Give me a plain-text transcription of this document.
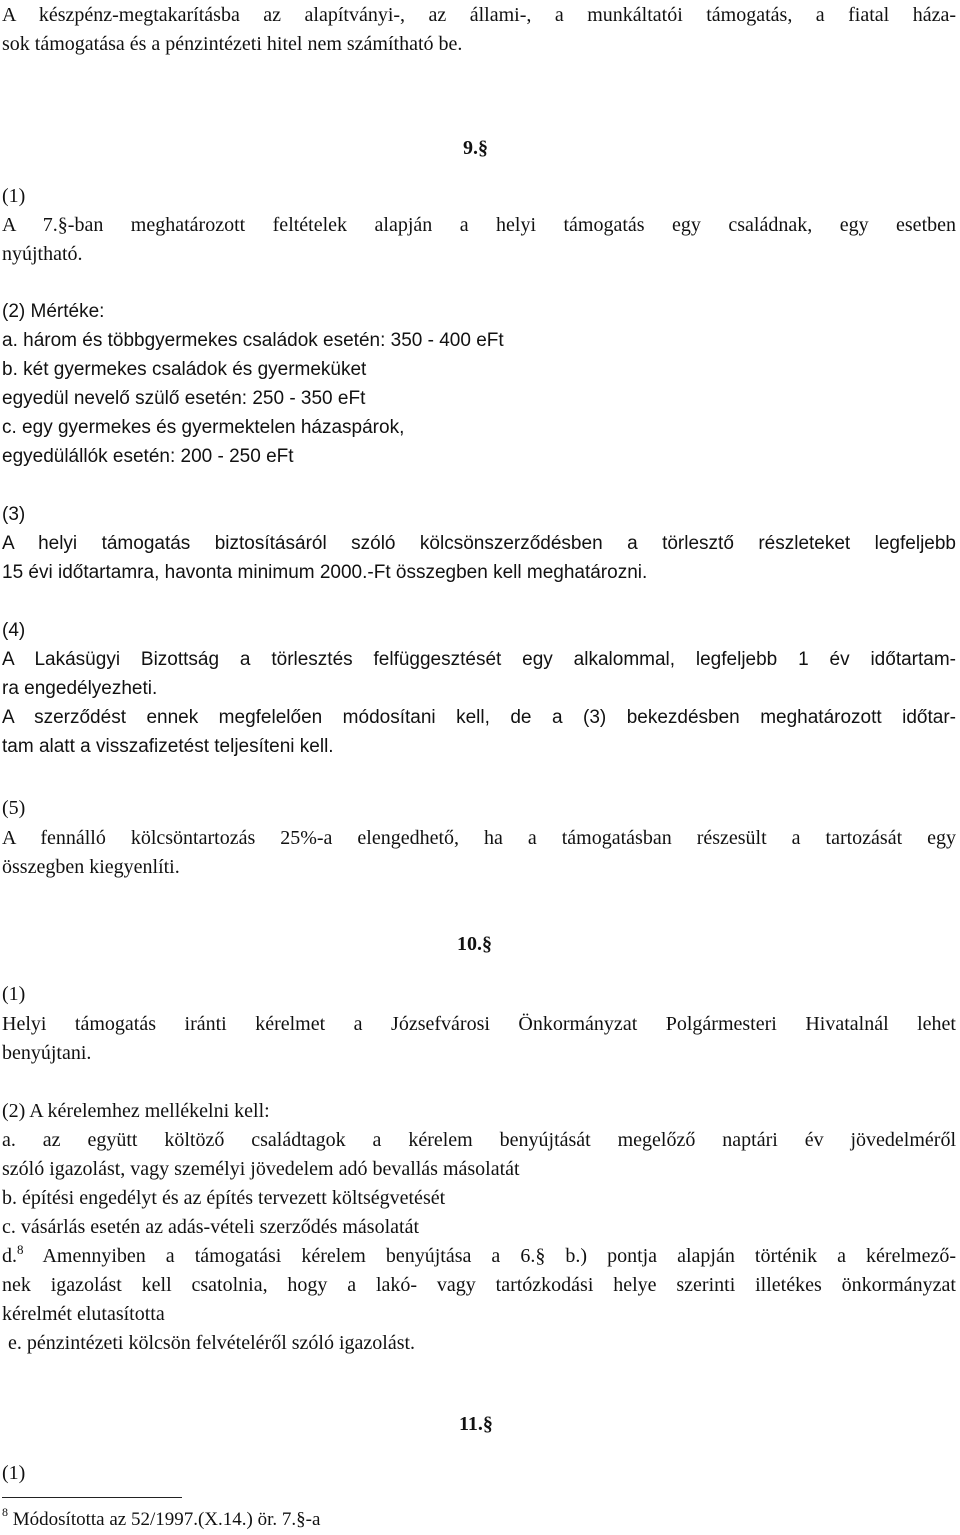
A készpénz-megtakarításba az alapítványi-, az állami-, a munkáltatói támogatás, a fiatal háza-
sok támogatása és a pénzintézeti hitel nem számítható be.
9.§
(1)
A 7.§-ban meghatározott feltételek alapján a helyi támogatás egy családnak, egy esetben
nyújtható.
(2) Mértéke:
a. három és többgyermekes családok esetén: 350 - 400 eFt
b. két gyermekes családok és gyermeküket
egyedül nevelő szülő esetén: 250 - 350 eFt
c. egy gyermekes és gyermektelen házaspárok,
egyedülállók esetén: 200 - 250 eFt
(3)
A helyi támogatás biztosításáról szóló kölcsönszerződésben a törlesztő részleteket legfeljebb
15 évi időtartamra, havonta minimum 2000.-Ft összegben kell meghatározni.
(4)
A Lakásügyi Bizottság a törlesztés felfüggesztését egy alkalommal, legfeljebb 1 év időtartam-
ra engedélyezheti.
A szerződést ennek megfelelően módosítani kell, de a (3) bekezdésben meghatározott időtar-
tam alatt a visszafizetést teljesíteni kell.
(5)
A fennálló kölcsöntartozás 25%-a elengedhető, ha a támogatásban részesült a tartozását egy
összegben kiegyenlíti.
10.§
(1)
Helyi támogatás iránti kérelmet a Józsefvárosi Önkormányzat Polgármesteri Hivatalnál lehet
benyújtani.
(2) A kérelemhez mellékelni kell:
a. az együtt költöző családtagok a kérelem benyújtását megelőző naptári év jövedelméről
szóló igazolást, vagy személyi jövedelem adó bevallás másolatát
b. építési engedélyt és az építés tervezett költségvetését
c. vásárlás esetén az adás-vételi szerződés másolatát
d.$^8$ Amennyiben a támogatási kérelem benyújtása a 6.§ b.) pontja alapján történik a kérelmező-
nek igazolást kell csatolnia, hogy a lakó- vagy tartózkodási helye szerinti illetékes önkormányzat
kérelmét elutasította
e. pénzintézeti kölcsön felvételéről szóló igazolást.
11.§
(1)
$^8$ Módosította az 52/1997.(X.14.) ör. 7.§-a
